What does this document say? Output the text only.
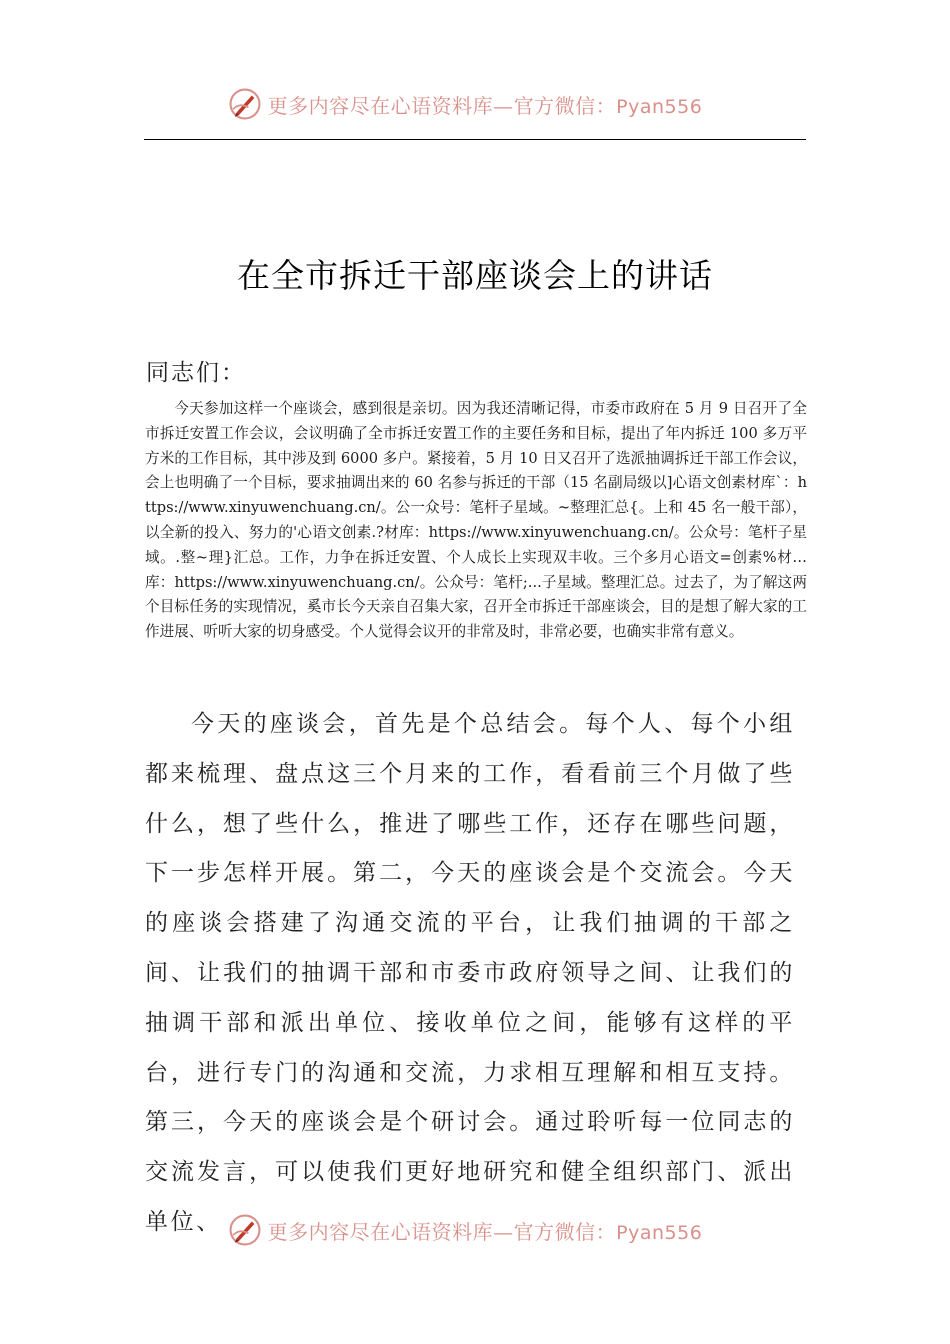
更多内容尽在心语资料库—官方微信：Pyan556
在全市拆迁干部座谈会上的讲话

同志们：

今天参加这样一个座谈会，感到很是亲切。因为我还清晰记得，市委市政府在 5 月 9 日召开了全市拆迁安置工作会议，会议明确了全市拆迁安置工作的主要任务和目标，提出了年内拆迁 100 多万平方米的工作目标，其中涉及到 6000 多户。紧接着，5 月 10 日又召开了选派抽调拆迁干部工作会议，会上也明确了一个目标，要求抽调出来的 60 名参与拆迁的干部（15 名副局级以]心语文创素材库`：https://www.xinyuwenchuang.cn/。公一众号：笔杆子星域。~整理汇总{。上和 45 名一般干部），以全新的投入、努力的'心语文创素.?材库：https://www.xinyuwenchuang.cn/。公众号：笔杆子星域。.整~理}汇总。工作，力争在拆迁安置、个人成长上实现双丰收。三个多月心语文=创素%材…库：https://www.xinyuwenchuang.cn/。公众号：笔杆;...子星域。整理汇总。过去了，为了解这两个目标任务的实现情况，奚市长今天亲自召集大家，召开全市拆迁干部座谈会，目的是想了解大家的工作进展、听听大家的切身感受。个人觉得会议开的非常及时，非常必要，也确实非常有意义。

今天的座谈会，首先是个总结会。每个人、每个小组都来梳理、盘点这三个月来的工作，看看前三个月做了些什么，想了些什么，推进了哪些工作，还存在哪些问题，下一步怎样开展。第二，今天的座谈会是个交流会。今天的座谈会搭建了沟通交流的平台，让我们抽调的干部之间、让我们的抽调干部和市委市政府领导之间、让我们的抽调干部和派出单位、接收单位之间，能够有这样的平台，进行专门的沟通和交流，力求相互理解和相互支持。第三，今天的座谈会是个研讨会。通过聆听每一位同志的交流发言，可以使我们更好地研究和健全组织部门、派出单位、	更多内容尽在心语资料库—官方微信：Pyan556
